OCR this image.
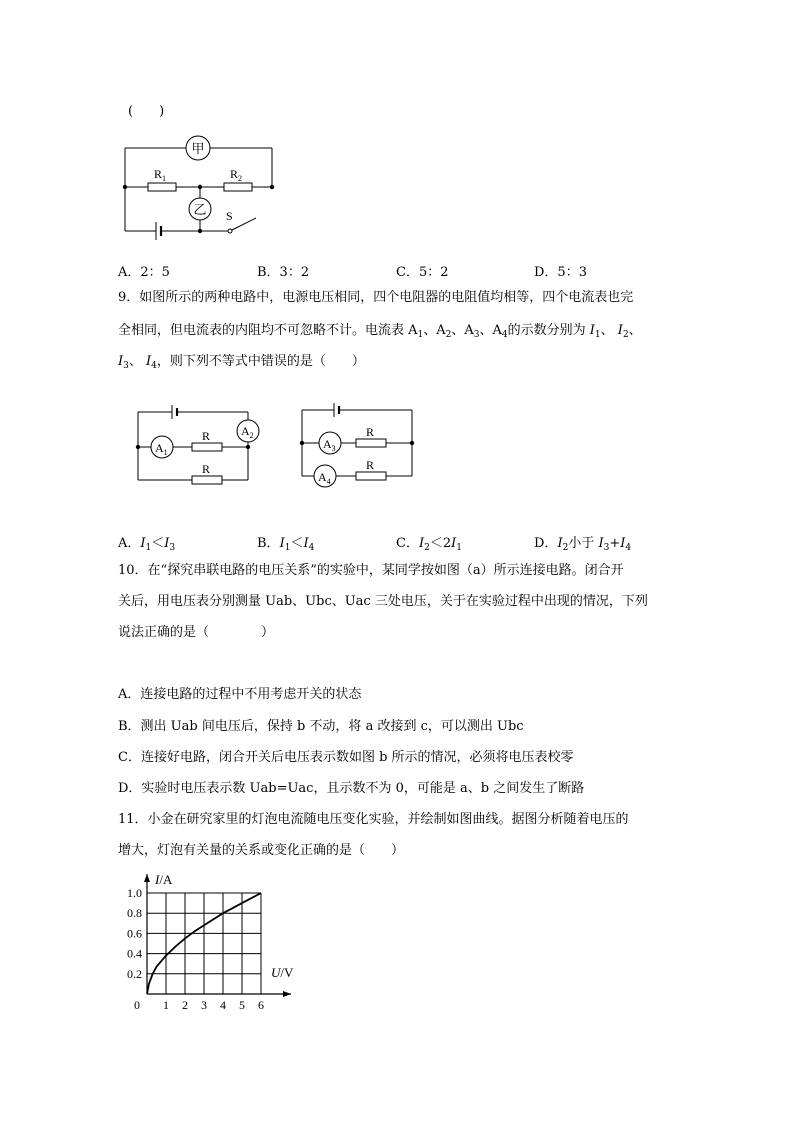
(　　)
甲
乙
$R_1$	$R_2$
S
A．2：5	B．3：2	C．5：2	D．5：3
9．如图所示的两种电路中，电源电压相同，四个电阻器的电阻值均相等，四个电流表也完
全相同，但电流表的内阻均不可忽略不计。电流表 $A_1$、$A_2$、$A_3$、$A_4$的示数分别为 $I_1$、 $I_2$、
$I_3$、 $I_4$，则下列不等式中错误的是（　　）
$A_1$
$A_2$
R
R
$A_3$
$A_4$
R
R
A．$I_1<I_3$	B．$I_1<I_4$	C．$I_2<2I_1$	D．$I_2$小于 $I_3+I_4$
10．在“探究串联电路的电压关系”的实验中，某同学按如图（a）所示连接电路。闭合开
关后，用电压表分别测量 Uab、Ubc、Uac 三处电压，关于在实验过程中出现的情况，下列
说法正确的是（　　　　）
A．连接电路的过程中不用考虑开关的状态
B．测出 Uab 间电压后，保持 b 不动，将 a 改接到 c，可以测出 Ubc
C．连接好电路，闭合开关后电压表示数如图 b 所示的情况，必须将电压表校零
D．实验时电压表示数 Uab=Uac，且示数不为 0，可能是 a、b 之间发生了断路
11．小金在研究家里的灯泡电流随电压变化实验，并绘制如图曲线。据图分析随着电压的
增大，灯泡有关量的关系或变化正确的是（　　）
0 1 2 3 4 5 6
0.2
0.4
0.6
0.8
1.0
I/A
U/V
